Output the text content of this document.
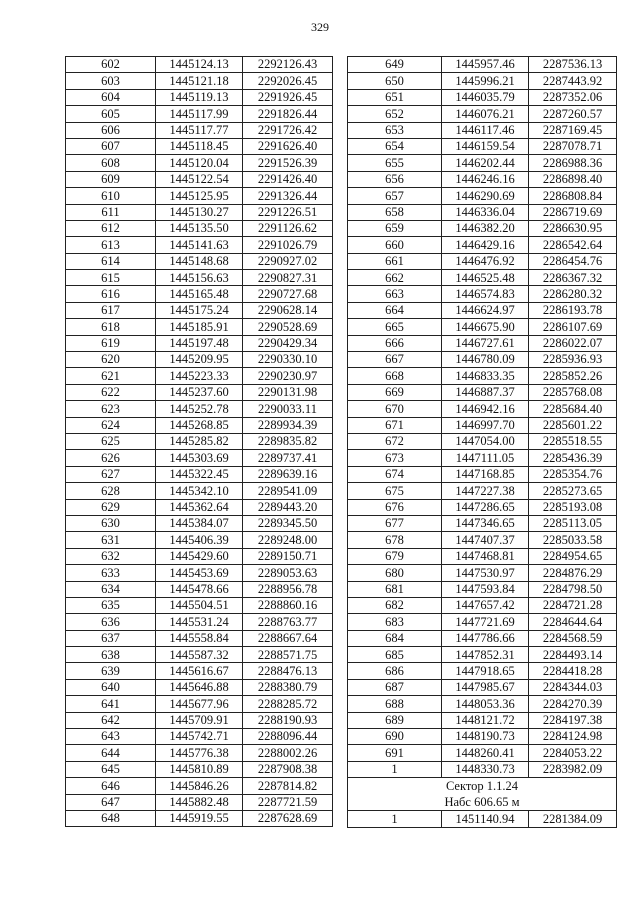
329
602	1445124.13	2292126.43
603	1445121.18	2292026.45
604	1445119.13	2291926.45
605	1445117.99	2291826.44
606	1445117.77	2291726.42
607	1445118.45	2291626.40
608	1445120.04	2291526.39
609	1445122.54	2291426.40
610	1445125.95	2291326.44
611	1445130.27	2291226.51
612	1445135.50	2291126.62
613	1445141.63	2291026.79
614	1445148.68	2290927.02
615	1445156.63	2290827.31
616	1445165.48	2290727.68
617	1445175.24	2290628.14
618	1445185.91	2290528.69
619	1445197.48	2290429.34
620	1445209.95	2290330.10
621	1445223.33	2290230.97
622	1445237.60	2290131.98
623	1445252.78	2290033.11
624	1445268.85	2289934.39
625	1445285.82	2289835.82
626	1445303.69	2289737.41
627	1445322.45	2289639.16
628	1445342.10	2289541.09
629	1445362.64	2289443.20
630	1445384.07	2289345.50
631	1445406.39	2289248.00
632	1445429.60	2289150.71
633	1445453.69	2289053.63
634	1445478.66	2288956.78
635	1445504.51	2288860.16
636	1445531.24	2288763.77
637	1445558.84	2288667.64
638	1445587.32	2288571.75
639	1445616.67	2288476.13
640	1445646.88	2288380.79
641	1445677.96	2288285.72
642	1445709.91	2288190.93
643	1445742.71	2288096.44
644	1445776.38	2288002.26
645	1445810.89	2287908.38
646	1445846.26	2287814.82
647	1445882.48	2287721.59
648	1445919.55	2287628.69
649	1445957.46	2287536.13
650	1445996.21	2287443.92
651	1446035.79	2287352.06
652	1446076.21	2287260.57
653	1446117.46	2287169.45
654	1446159.54	2287078.71
655	1446202.44	2286988.36
656	1446246.16	2286898.40
657	1446290.69	2286808.84
658	1446336.04	2286719.69
659	1446382.20	2286630.95
660	1446429.16	2286542.64
661	1446476.92	2286454.76
662	1446525.48	2286367.32
663	1446574.83	2286280.32
664	1446624.97	2286193.78
665	1446675.90	2286107.69
666	1446727.61	2286022.07
667	1446780.09	2285936.93
668	1446833.35	2285852.26
669	1446887.37	2285768.08
670	1446942.16	2285684.40
671	1446997.70	2285601.22
672	1447054.00	2285518.55
673	1447111.05	2285436.39
674	1447168.85	2285354.76
675	1447227.38	2285273.65
676	1447286.65	2285193.08
677	1447346.65	2285113.05
678	1447407.37	2285033.58
679	1447468.81	2284954.65
680	1447530.97	2284876.29
681	1447593.84	2284798.50
682	1447657.42	2284721.28
683	1447721.69	2284644.64
684	1447786.66	2284568.59
685	1447852.31	2284493.14
686	1447918.65	2284418.28
687	1447985.67	2284344.03
688	1448053.36	2284270.39
689	1448121.72	2284197.38
690	1448190.73	2284124.98
691	1448260.41	2284053.22
1	1448330.73	2283982.09

Сектор 1.1.24
Набс 606.65 м		

1	1451140.94	2281384.09
